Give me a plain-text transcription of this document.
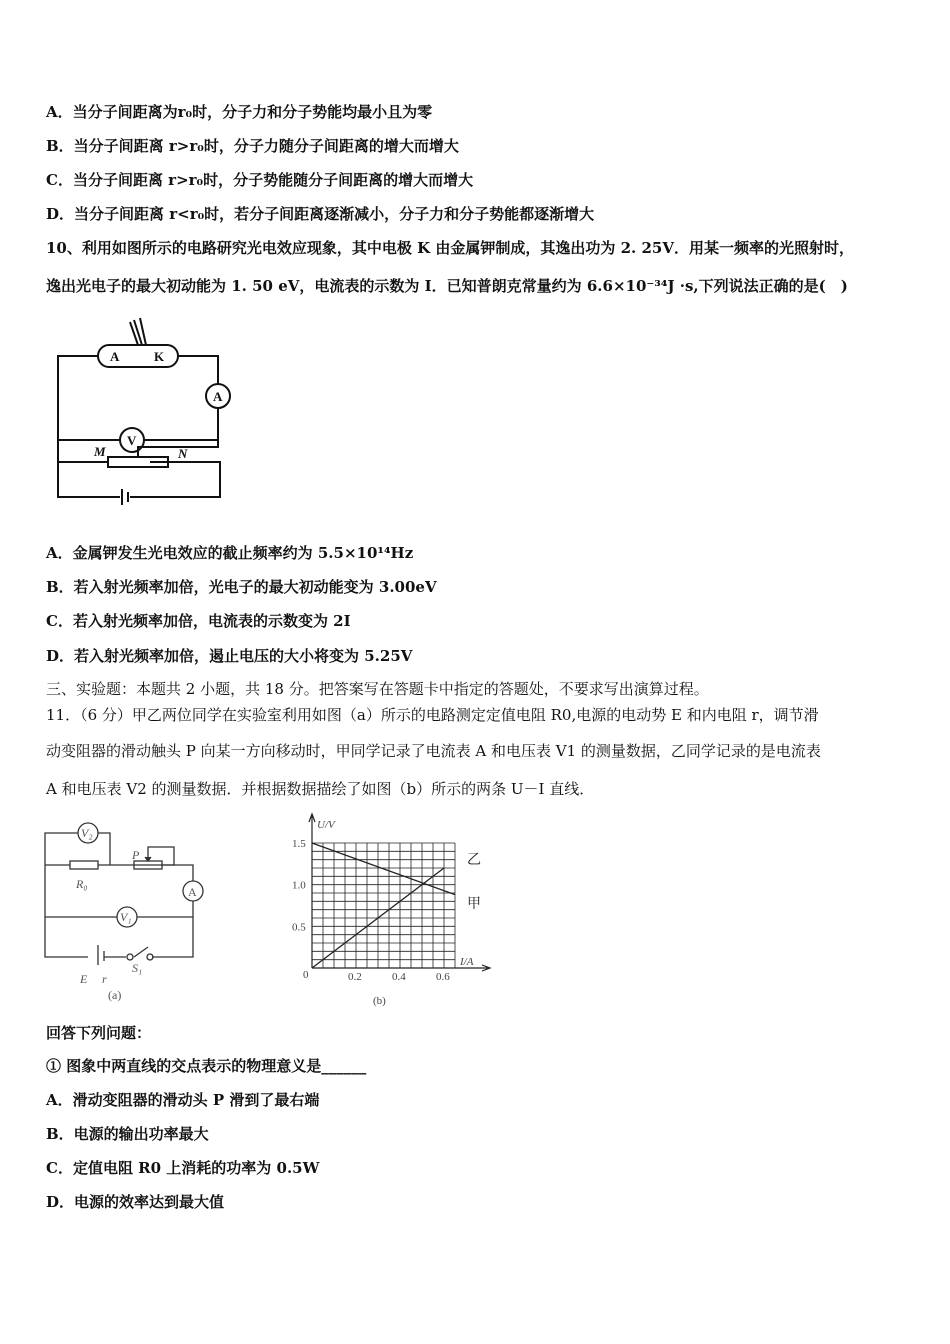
A．当分子间距离为r₀时，分子力和分子势能均最小且为零
B．当分子间距离 r>r₀时，分子力随分子间距离的增大而增大
C．当分子间距离 r>r₀时，分子势能随分子间距离的增大而增大
D．当分子间距离 r<r₀时，若分子间距离逐渐减小，分子力和分子势能都逐渐增大
10、利用如图所示的电路研究光电效应现象，其中电极 K 由金属钾制成，其逸出功为 2. 25V．用某一频率的光照射时，
逸出光电子的最大初动能为 1. 50 eV，电流表的示数为 I．已知普朗克常量约为 6.6×10⁻³⁴J ·s,下列说法正确的是(　)
A	K
A
V
M	N
A．金属钾发生光电效应的截止频率约为 5.5×10¹⁴Hz
B．若入射光频率加倍，光电子的最大初动能变为 3.00eV
C．若入射光频率加倍，电流表的示数变为 2I
D．若入射光频率加倍，遏止电压的大小将变为 5.25V
三、实验题：本题共 2 小题，共 18 分。把答案写在答题卡中指定的答题处，不要求写出演算过程。
11．（6 分）甲乙两位同学在实验室利用如图（a）所示的电路测定定值电阻 R0,电源的电动势 E 和内电阻 r，调节滑
动变阻器的滑动触头 P 向某一方向移动时，甲同学记录了电流表 A 和电压表 V1 的测量数据，乙同学记录的是电流表
A 和电压表 V2 的测量数据．并根据数据描绘了如图（b）所示的两条 U－I 直线．
V₂
P
R₀
A
V₁
E r
S₁
(a)
乙
甲
U/V
I/A
0
(b)
0.2	0.4	0.6
0.5
1.0
1.5
回答下列问题：
① 图象中两直线的交点表示的物理意义是______
A．滑动变阻器的滑动头 P 滑到了最右端
B．电源的输出功率最大
C．定值电阻 R0 上消耗的功率为 0.5W
D．电源的效率达到最大值
